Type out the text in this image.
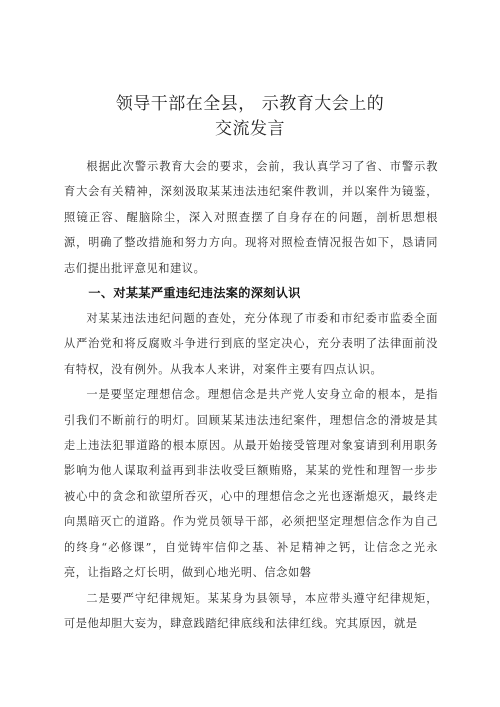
领导干部在全县， 示教育大会上的
交流发言

根据此次警示教育大会的要求，会前，我认真学习了省、市警示教育大会有关精神，深刻汲取某某违法违纪案件教训，并以案件为镜鉴，照镜正容、醒脑除尘，深入对照查摆了自身存在的问题，剖析思想根源，明确了整改措施和努力方向。现将对照检查情况报告如下，恳请同志们提出批评意见和建议。

一、对某某严重违纪违法案的深刻认识

对某某违法违纪问题的查处，充分体现了市委和市纪委市监委全面从严治党和将反腐败斗争进行到底的坚定决心，充分表明了法律面前没有特权，没有例外。从我本人来讲，对案件主要有四点认识。

一是要坚定理想信念。理想信念是共产党人安身立命的根本，是指引我们不断前行的明灯。回顾某某违法违纪案件，理想信念的滑坡是其走上违法犯罪道路的根本原因。从最开始接受管理对象宴请到利用职务影响为他人谋取利益再到非法收受巨额贿赂，某某的党性和理智一步步被心中的贪念和欲望所吞灭，心中的理想信念之光也逐渐熄灭，最终走向黑暗灭亡的道路。作为党员领导干部，必须把坚定理想信念作为自己的终身“必修课”，自觉铸牢信仰之基、补足精神之钙，让信念之光永亮，让指路之灯长明，做到心地光明、信念如磐

二是要严守纪律规矩。某某身为县领导，本应带头遵守纪律规矩，可是他却胆大妄为，肆意践踏纪律底线和法律红线。究其原因，就是
